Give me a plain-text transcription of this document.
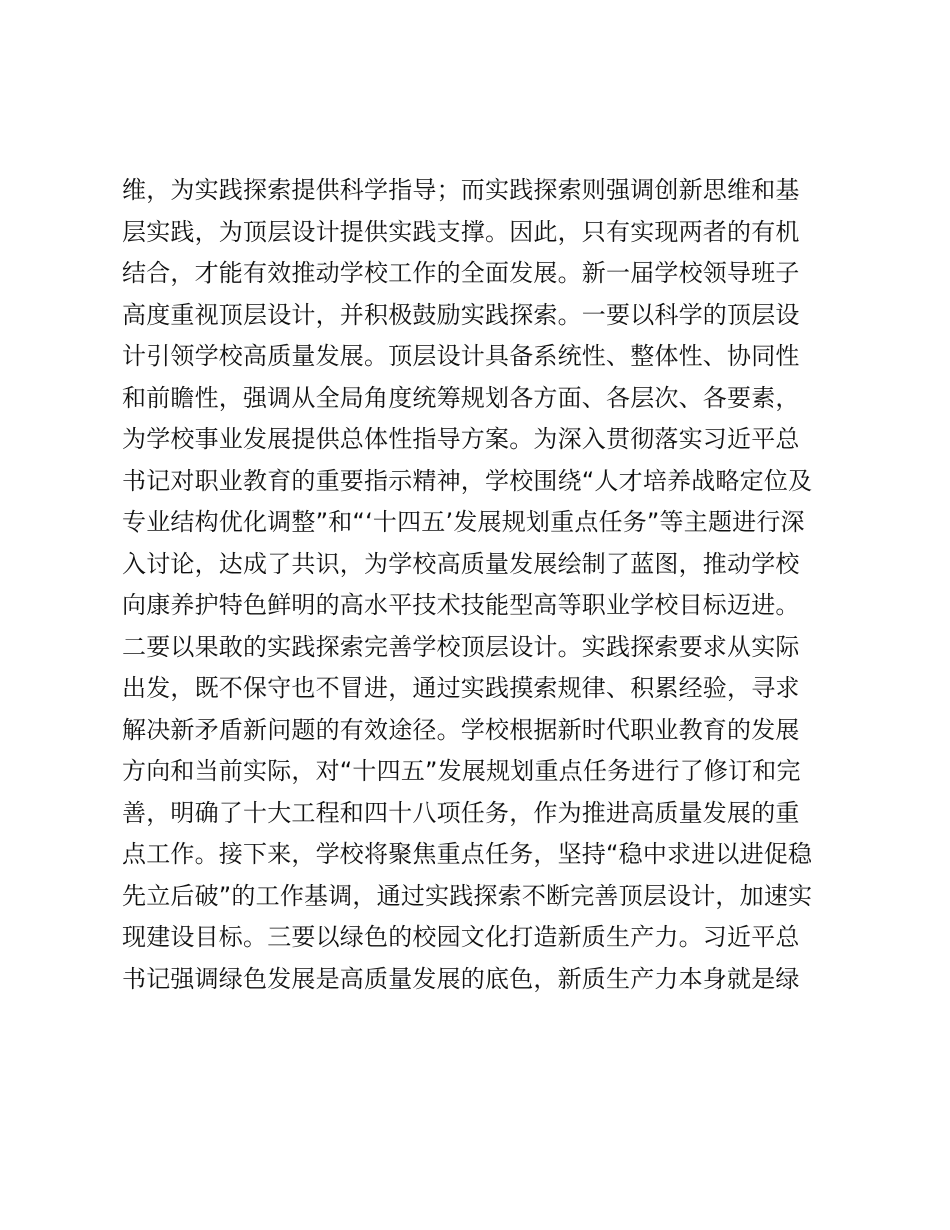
维，为实践探索提供科学指导；而实践探索则强调创新思维和基
层实践，为顶层设计提供实践支撑。因此，只有实现两者的有机
结合，才能有效推动学校工作的全面发展。新一届学校领导班子
高度重视顶层设计，并积极鼓励实践探索。一要以科学的顶层设
计引领学校高质量发展。顶层设计具备系统性、整体性、协同性
和前瞻性，强调从全局角度统筹规划各方面、各层次、各要素，
为学校事业发展提供总体性指导方案。为深入贯彻落实习近平总
书记对职业教育的重要指示精神，学校围绕“人才培养战略定位及
专业结构优化调整”和“‘十四五’发展规划重点任务”等主题进行深
入讨论，达成了共识，为学校高质量发展绘制了蓝图，推动学校
向康养护特色鲜明的高水平技术技能型高等职业学校目标迈进。
二要以果敢的实践探索完善学校顶层设计。实践探索要求从实际
出发，既不保守也不冒进，通过实践摸索规律、积累经验，寻求
解决新矛盾新问题的有效途径。学校根据新时代职业教育的发展
方向和当前实际，对“十四五”发展规划重点任务进行了修订和完
善，明确了十大工程和四十八项任务，作为推进高质量发展的重
点工作。接下来，学校将聚焦重点任务，坚持“稳中求进以进促稳
先立后破”的工作基调，通过实践探索不断完善顶层设计，加速实
现建设目标。三要以绿色的校园文化打造新质生产力。习近平总
书记强调绿色发展是高质量发展的底色，新质生产力本身就是绿
